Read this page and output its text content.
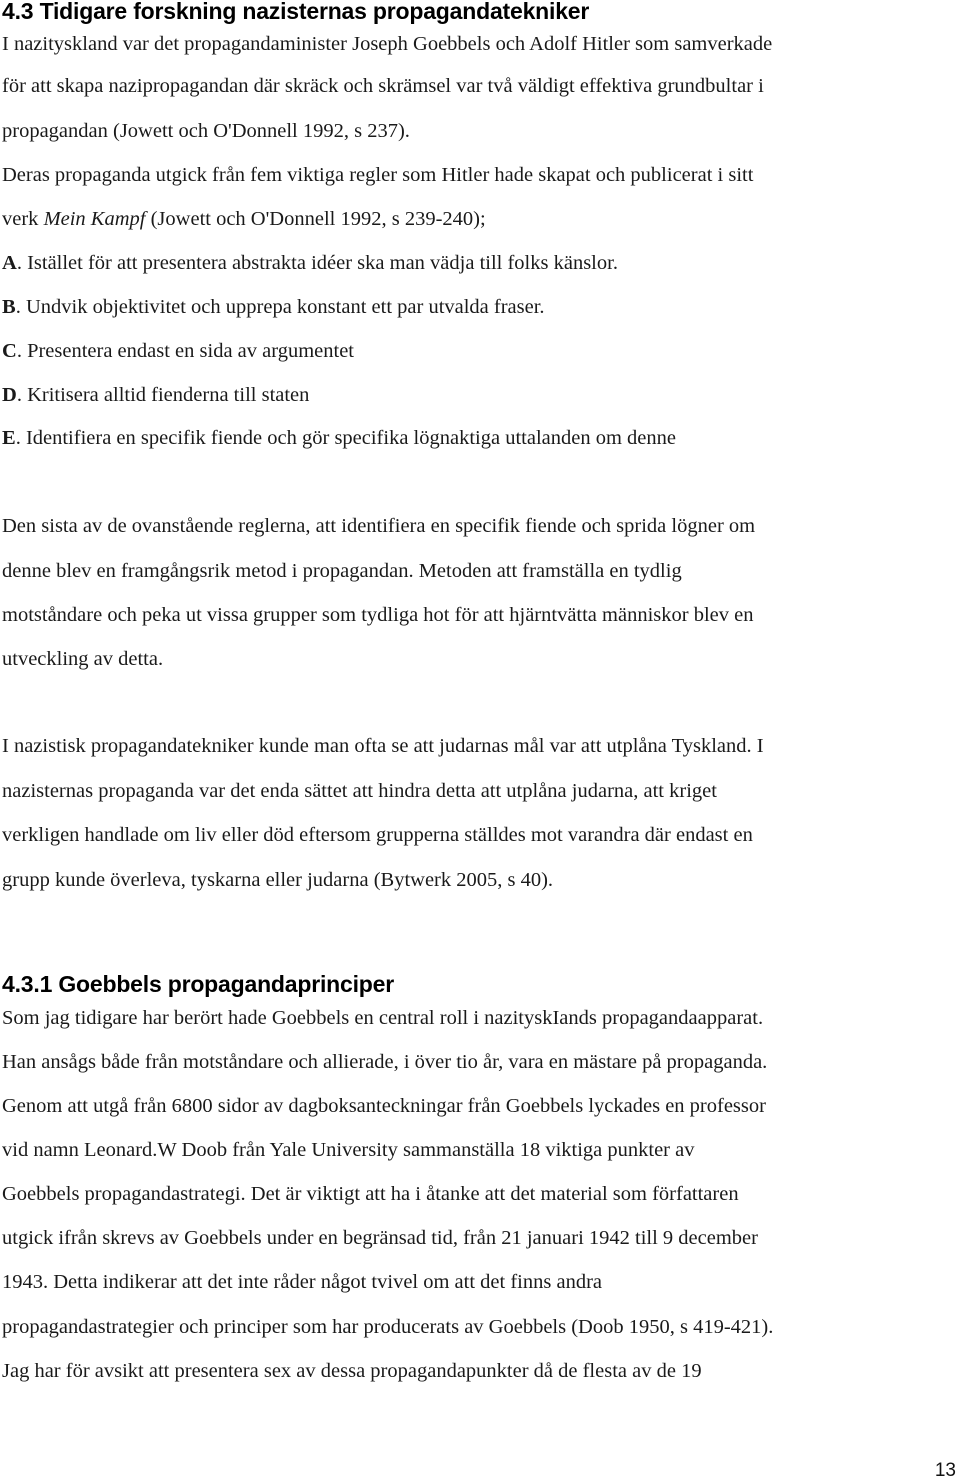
4.3 Tidigare forskning nazisternas propagandatekniker
I nazityskland var det propagandaminister Joseph Goebbels och Adolf Hitler som samverkade
för att skapa nazipropagandan där skräck och skrämsel var två väldigt effektiva grundbultar i
propagandan (Jowett och O'Donnell 1992, s 237).
Deras propaganda utgick från fem viktiga regler som Hitler hade skapat och publicerat i sitt
verk Mein Kampf (Jowett och O'Donnell 1992, s 239-240);
A. Istället för att presentera abstrakta idéer ska man vädja till folks känslor.
B. Undvik objektivitet och upprepa konstant ett par utvalda fraser.
C. Presentera endast en sida av argumentet
D. Kritisera alltid fienderna till staten
E. Identifiera en specifik fiende och gör specifika lögnaktiga uttalanden om denne
Den sista av de ovanstående reglerna, att identifiera en specifik fiende och sprida lögner om
denne blev en framgångsrik metod i propagandan. Metoden att framställa en tydlig
motståndare och peka ut vissa grupper som tydliga hot för att hjärntvätta människor blev en
utveckling av detta.
I nazistisk propagandatekniker kunde man ofta se att judarnas mål var att utplåna Tyskland. I
nazisternas propaganda var det enda sättet att hindra detta att utplåna judarna, att kriget
verkligen handlade om liv eller död eftersom grupperna ställdes mot varandra där endast en
grupp kunde överleva, tyskarna eller judarna (Bytwerk 2005, s 40).
4.3.1 Goebbels propagandaprinciper
Som jag tidigare har berört hade Goebbels en central roll i nazityskIands propagandaapparat.
Han ansågs både från motståndare och allierade, i över tio år, vara en mästare på propaganda.
Genom att utgå från 6800 sidor av dagboksanteckningar från Goebbels lyckades en professor
vid namn Leonard.W Doob från Yale University sammanställa 18 viktiga punkter av
Goebbels propagandastrategi. Det är viktigt att ha i åtanke att det material som författaren
utgick ifrån skrevs av Goebbels under en begränsad tid, från 21 januari 1942 till 9 december
1943. Detta indikerar att det inte råder något tvivel om att det finns andra
propagandastrategier och principer som har producerats av Goebbels (Doob 1950, s 419-421).
Jag har för avsikt att presentera sex av dessa propagandapunkter då de flesta av de 19
13
